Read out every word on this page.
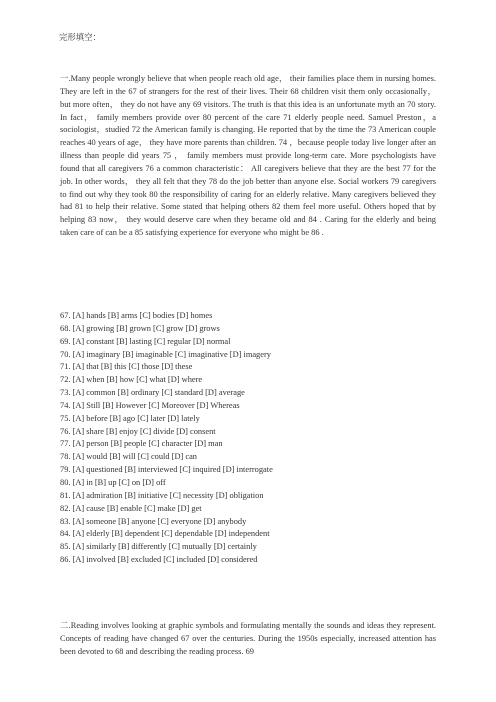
完形填空：
一.Many people wrongly believe that when people reach old age， their families place them in nursing homes. They are left in the 67 of strangers for the rest of their lives. Their 68 children visit them only occasionally， but more often， they do not have any 69 visitors. The truth is that this idea is an unfortunate myth an 70 story. In fact， family members provide over 80 percent of the care 71 elderly people need. Samuel Preston，a sociologist，studied 72 the American family is changing. He reported that by the time the 73 American couple reaches 40 years of age， they have more parents than children. 74 ，because people today live longer after an illness than people did years 75 ， family members must provide long-term care. More psychologists have found that all caregivers 76 a common characteristic： All caregivers believe that they are the best 77 for the job. In other words， they all felt that they 78 do the job better than anyone else. Social workers 79 caregivers to find out why they took 80 the responsibility of caring for an elderly relative. Many caregivers believed they had 81 to help their relative. Some stated that helping others 82 them feel more useful. Others hoped that by helping 83 now， they would deserve care when they became old and 84 . Caring for the elderly and being taken care of can be a 85 satisfying experience for everyone who might be 86 .
67. [A] hands [B] arms [C] bodies [D] homes
68. [A] growing [B] grown [C] grow [D] grows
69. [A] constant [B] lasting [C] regular [D] normal
70. [A] imaginary [B] imaginable [C] imaginative [D] imagery
71. [A] that [B] this [C] those [D] these
72. [A] when [B] how [C] what [D] where
73. [A] common [B] ordinary [C] standard [D] average
74. [A] Still [B] However [C] Moreover [D] Whereas
75. [A] before [B] ago [C] later [D] lately
76. [A] share [B] enjoy [C] divide [D] consent
77. [A] person [B] people [C] character [D] man
78. [A] would [B] will [C] could [D] can
79. [A] questioned [B] interviewed [C] inquired [D] interrogate
80. [A] in [B] up [C] on [D] off
81. [A] admiration [B] initiative [C] necessity [D] obligation
82. [A] cause [B] enable [C] make [D] get
83. [A] someone [B] anyone [C] everyone [D] anybody
84. [A] elderly [B] dependent [C] dependable [D] independent
85. [A] similarly [B] differently [C] mutually [D] certainly
86. [A] involved [B] excluded [C] included [D] considered
二.Reading involves looking at graphic symbols and formulating mentally the sounds and ideas they represent. Concepts of reading have changed 67 over the centuries. During the 1950s especially, increased attention has been devoted to 68 and describing the reading process. 69
